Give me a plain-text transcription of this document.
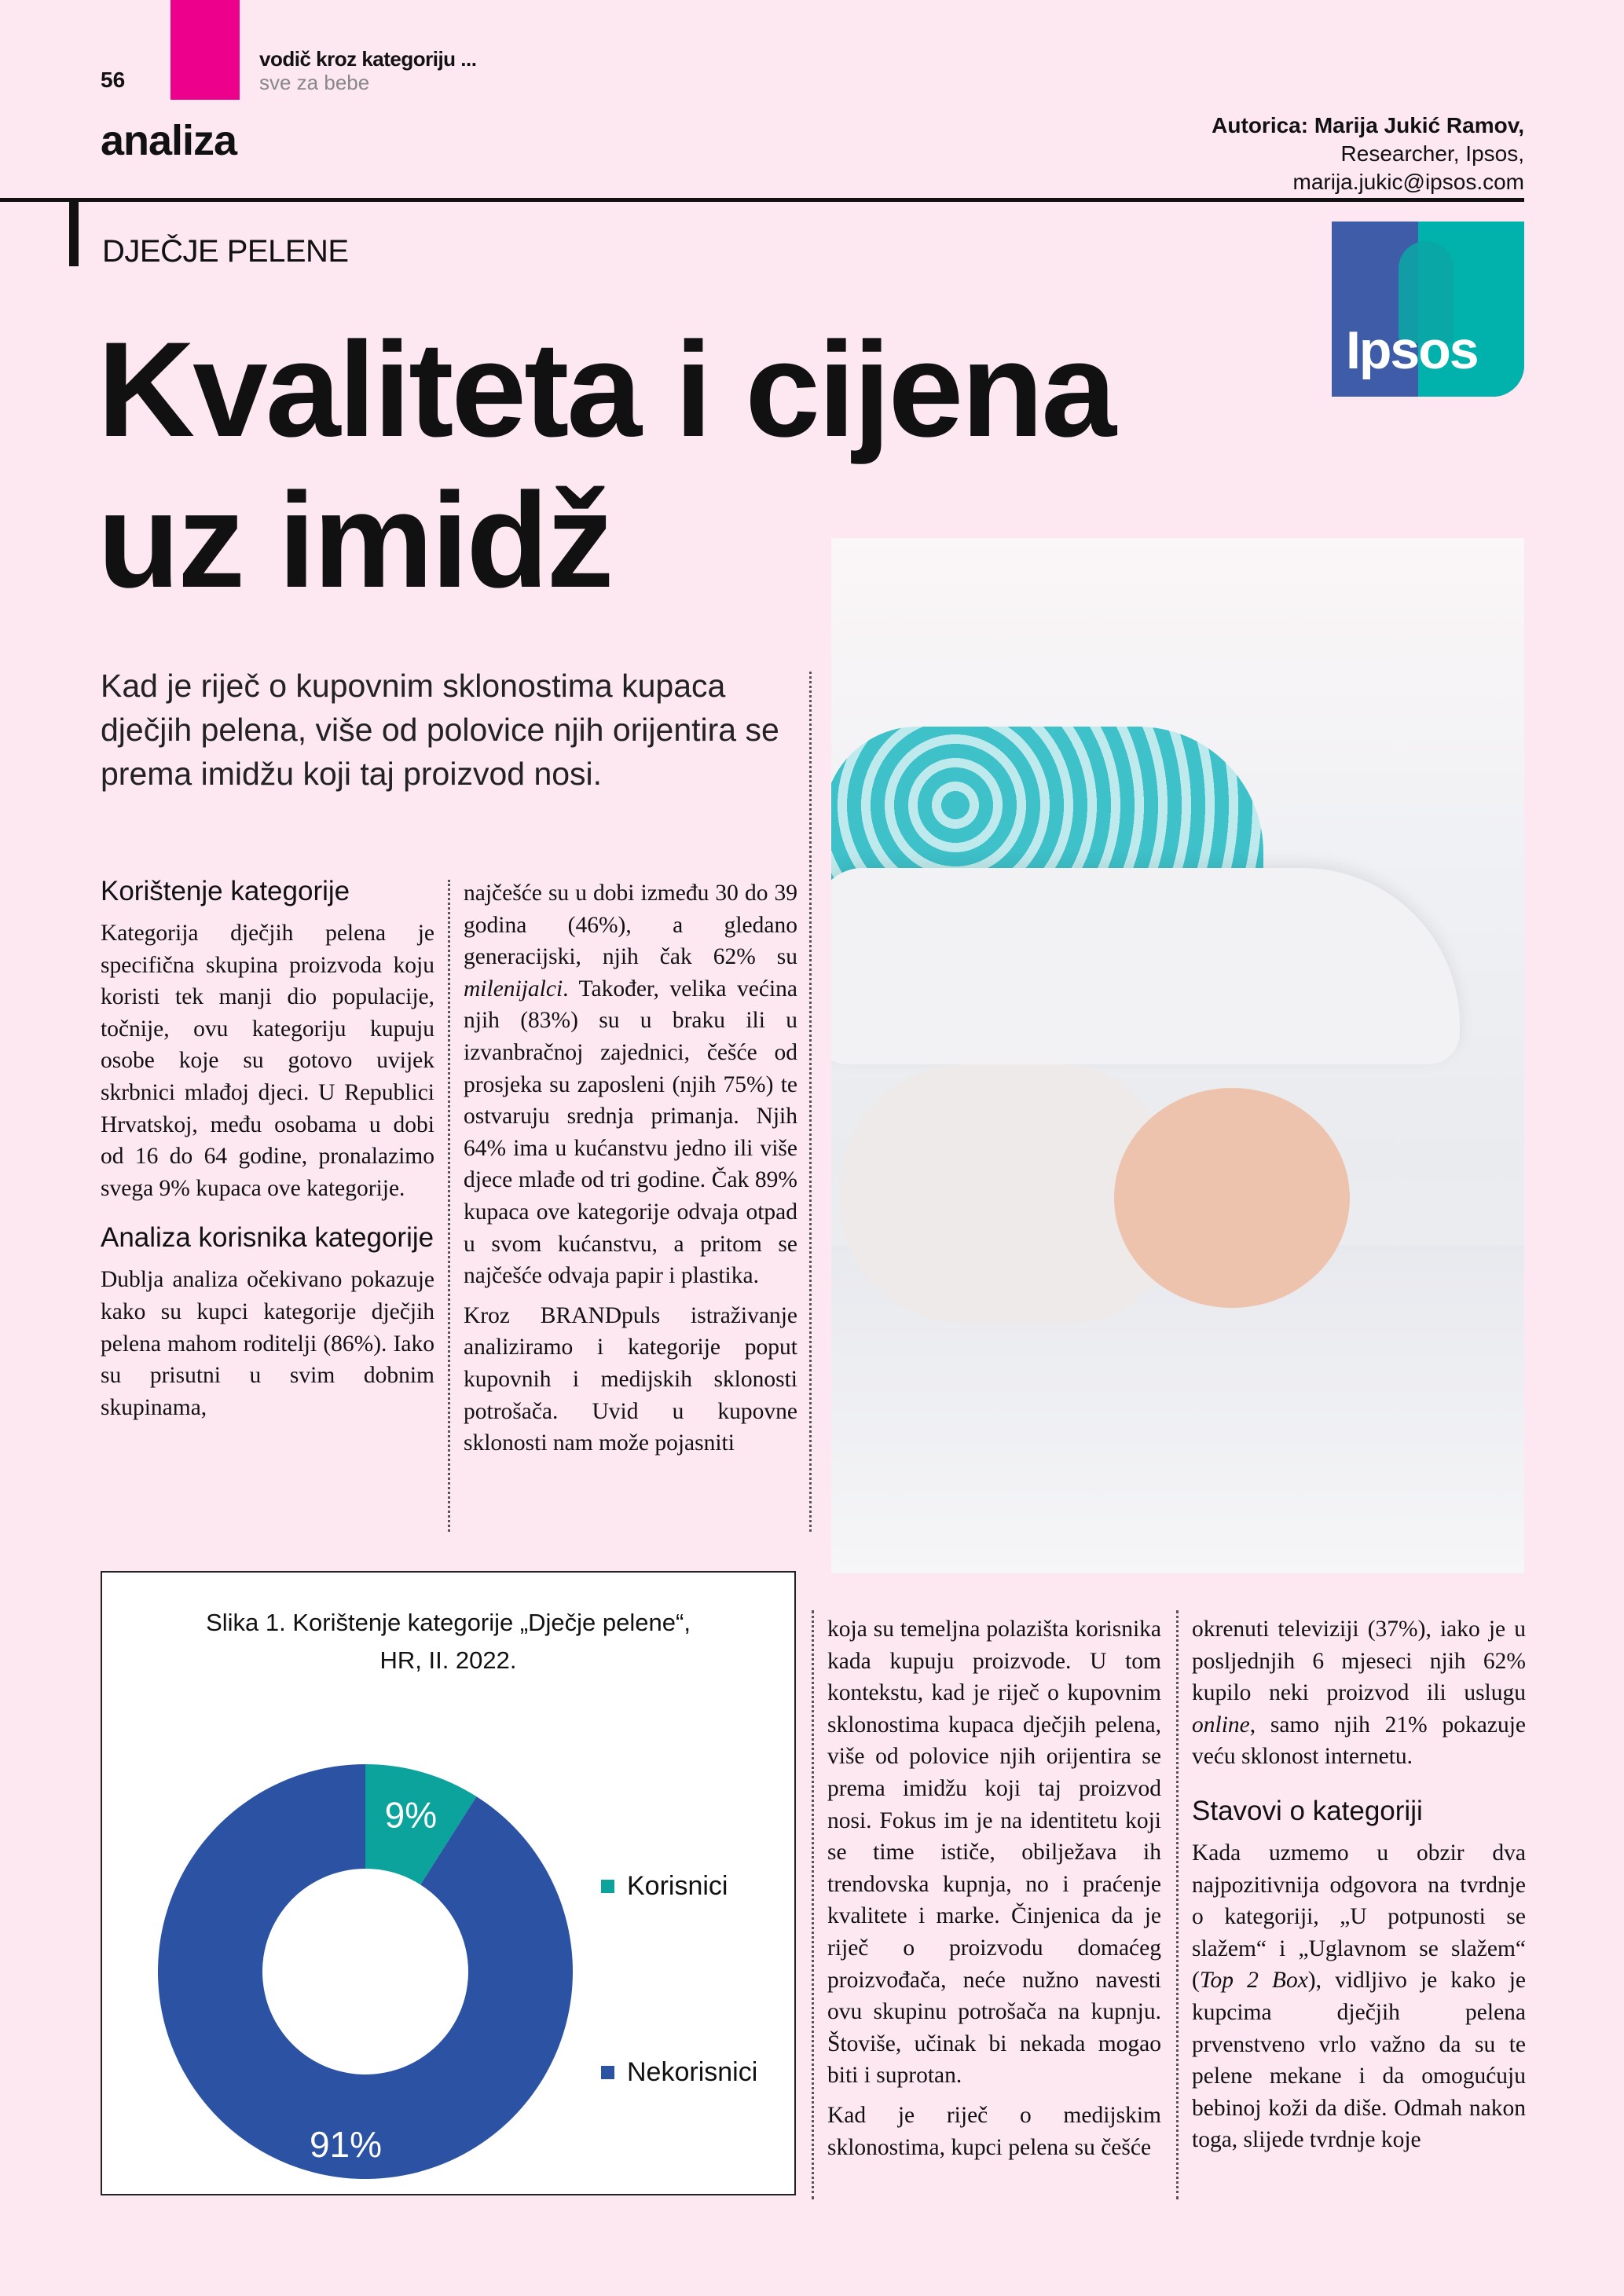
56
vodič kroz kategoriju ...
sve za bebe
analiza	Autorica: Marija Jukić Ramov,
Researcher, Ipsos,
marija.jukic@ipsos.com
DJEČJE PELENE
Ipsos
Kvaliteta i cijena
uz imidž
Kad je riječ o kupovnim sklonostima kupaca dječjih pelena, više od polovice njih orijentira se prema imidžu koji taj proizvod nosi.
Korištenje kategorije

Kategorija dječjih pelena je specifična skupina proizvoda koju koristi tek manji dio populacije, točnije, ovu kategoriju kupuju osobe koje su gotovo uvijek skrbnici mlađoj djeci. U Republici Hrvatskoj, među osobama u dobi od 16 do 64 godine, pronalazimo svega 9% kupaca ove kategorije.

Analiza korisnika kategorije

Dublja analiza očekivano pokazuje kako su kupci kategorije dječjih pelena mahom roditelji (86%). Iako su prisutni u svim dobnim skupinama,

najčešće su u dobi između 30 do 39 godina (46%), a gledano generacijski, njih čak 62% su milenijalci. Također, velika većina njih (83%) su u braku ili u izvanbračnoj zajednici, češće od prosjeka su zaposleni (njih 75%) te ostvaruju srednja primanja. Njih 64% ima u kućanstvu jedno ili više djece mlađe od tri godine. Čak 89% kupaca ove kategorije odvaja otpad u svom kućanstvu, a pritom se najčešće odvaja papir i plastika.

Kroz BRANDpuls istraživanje analiziramo i kategorije poput kupovnih i medijskih sklonosti potrošača. Uvid u kupovne sklonosti nam može pojasniti

koja su temeljna polazišta korisnika kada kupuju proizvode. U tom kontekstu, kad je riječ o kupovnim sklonostima kupaca dječjih pelena, više od polovice njih orijentira se prema imidžu koji taj proizvod nosi. Fokus im je na identitetu koji se time ističe, obilježava ih trendovska kupnja, no i praćenje kvalitete i marke. Činjenica da je riječ o proizvodu domaćeg proizvođača, neće nužno navesti ovu skupinu potrošača na kupnju. Štoviše, učinak bi nekada mogao biti i suprotan.

Kad je riječ o medijskim sklonostima, kupci pelena su češće

okrenuti televiziji (37%), iako je u posljednjih 6 mjeseci njih 62% kupilo neki proizvod ili uslugu online, samo njih 21% pokazuje veću sklonost internetu.

Stavovi o kategoriji

Kada uzmemo u obzir dva najpozitivnija odgovora na tvrdnje o kategoriji, „U potpunosti se slažem“ i „Uglavnom se slažem“ (Top 2 Box), vidljivo je kako je kupcima dječjih pelena prvenstveno vrlo važno da su te pelene mekane i da omogućuju bebinoj koži da diše. Odmah nakon toga, slijede tvrdnje koje

Slika 1. Korištenje kategorije „Dječje pelene“,
HR, II. 2022.
9%
91%
Korisnici
Nekorisnici
